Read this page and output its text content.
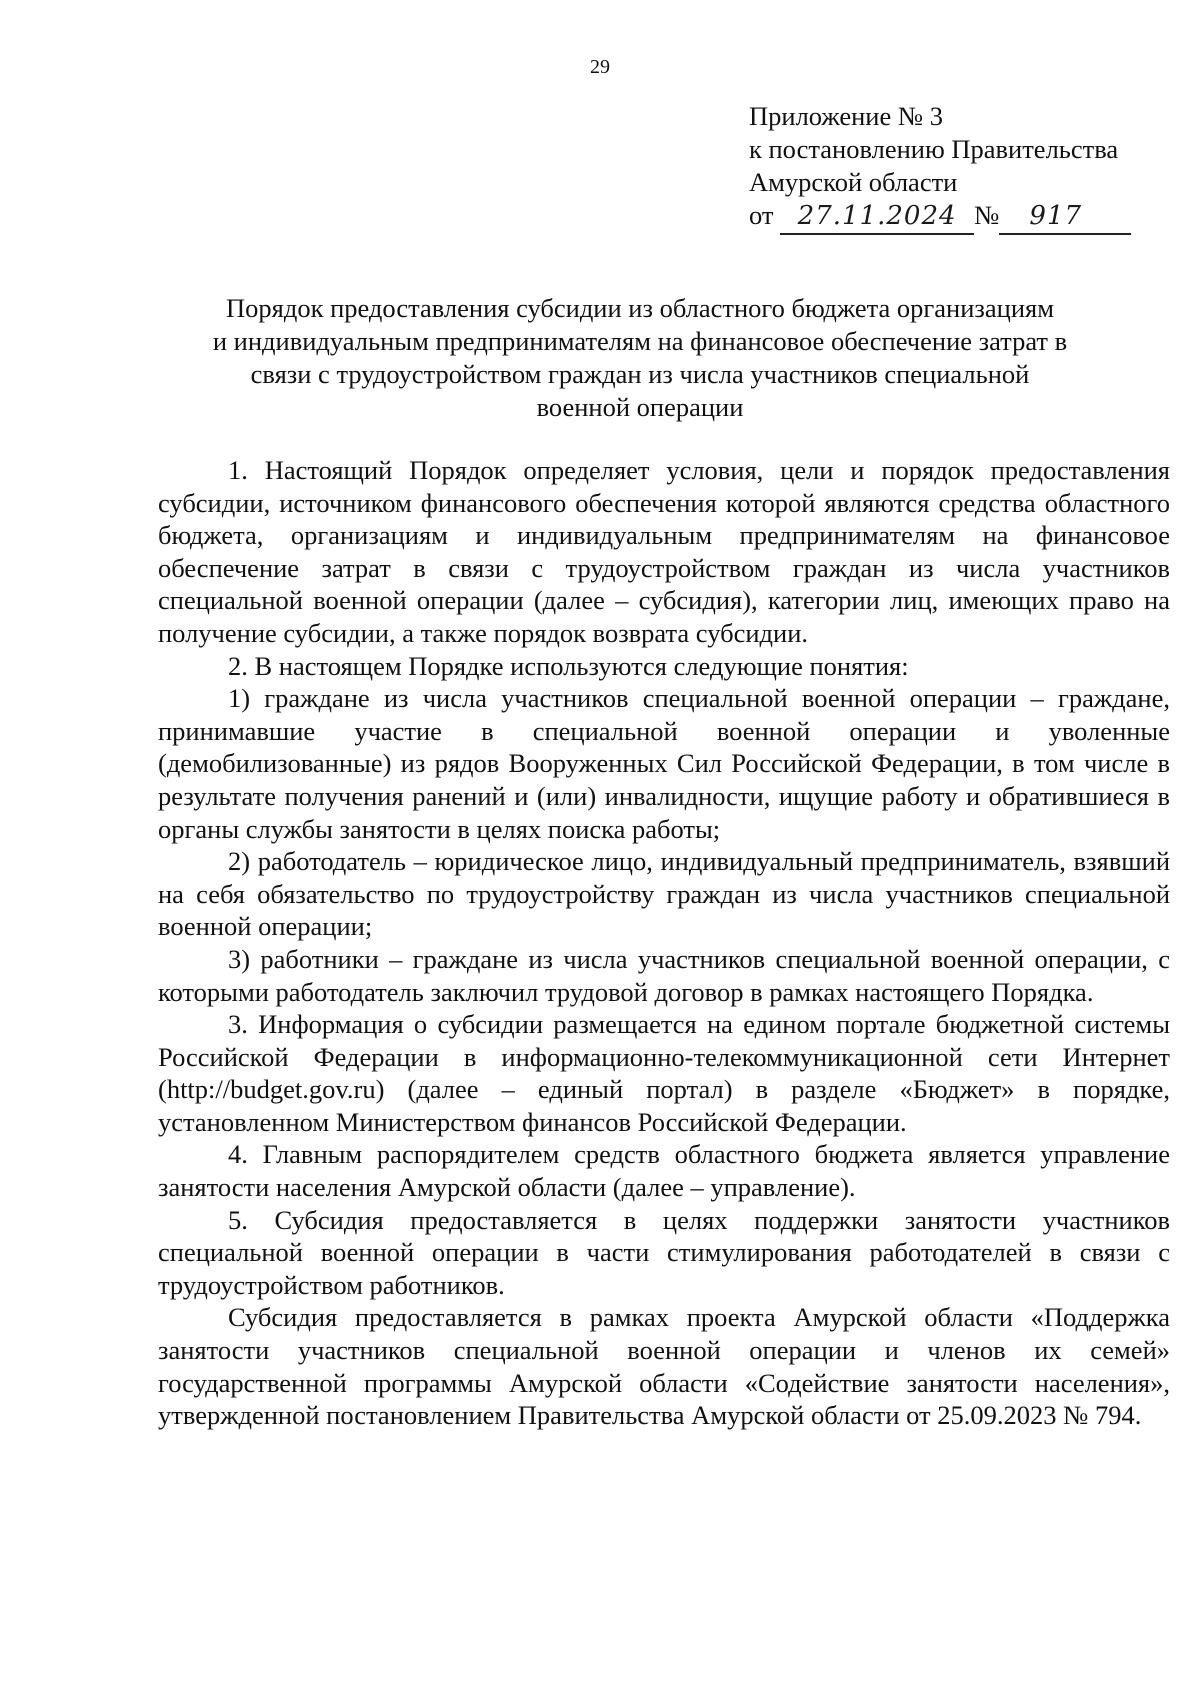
29
Приложение № 3
к постановлению Правительства
Амурской области
от 27.11.2024 № 917
Порядок предоставления субсидии из областного бюджета организациям
и индивидуальным предпринимателям на финансовое обеспечение затрат в
связи с трудоустройством граждан из числа участников специальной
военной операции

1. Настоящий Порядок определяет условия, цели и порядок предоставления субсидии, источником финансового обеспечения которой являются средства областного бюджета, организациям и индивидуальным предпринимателям на финансовое обеспечение затрат в связи с трудоустройством граждан из числа участников специальной военной операции (далее – субсидия), категории лиц, имеющих право на получение субсидии, а также порядок возврата субсидии.

2. В настоящем Порядке используются следующие понятия:

1) граждане из числа участников специальной военной операции – граждане, принимавшие участие в специальной военной операции и уволенные (демобилизованные) из рядов Вооруженных Сил Российской Федерации, в том числе в результате получения ранений и (или) инвалидности, ищущие работу и обратившиеся в органы службы занятости в целях поиска работы;

2) работодатель – юридическое лицо, индивидуальный предприниматель, взявший на себя обязательство по трудоустройству граждан из числа участников специальной военной операции;

3) работники – граждане из числа участников специальной военной операции, с которыми работодатель заключил трудовой договор в рамках настоящего Порядка.

3. Информация о субсидии размещается на едином портале бюджетной системы Российской Федерации в информационно-телекоммуникационной сети Интернет (http://budget.gov.ru) (далее – единый портал) в разделе «Бюджет» в порядке, установленном Министерством финансов Российской Федерации.

4. Главным распорядителем средств областного бюджета является управление занятости населения Амурской области (далее – управление).

5. Субсидия предоставляется в целях поддержки занятости участников специальной военной операции в части стимулирования работодателей в связи с трудоустройством работников.

Субсидия предоставляется в рамках проекта Амурской области «Поддержка занятости участников специальной военной операции и членов их семей» государственной программы Амурской области «Содействие занятости населения», утвержденной постановлением Правительства Амурской области от 25.09.2023 № 794.
